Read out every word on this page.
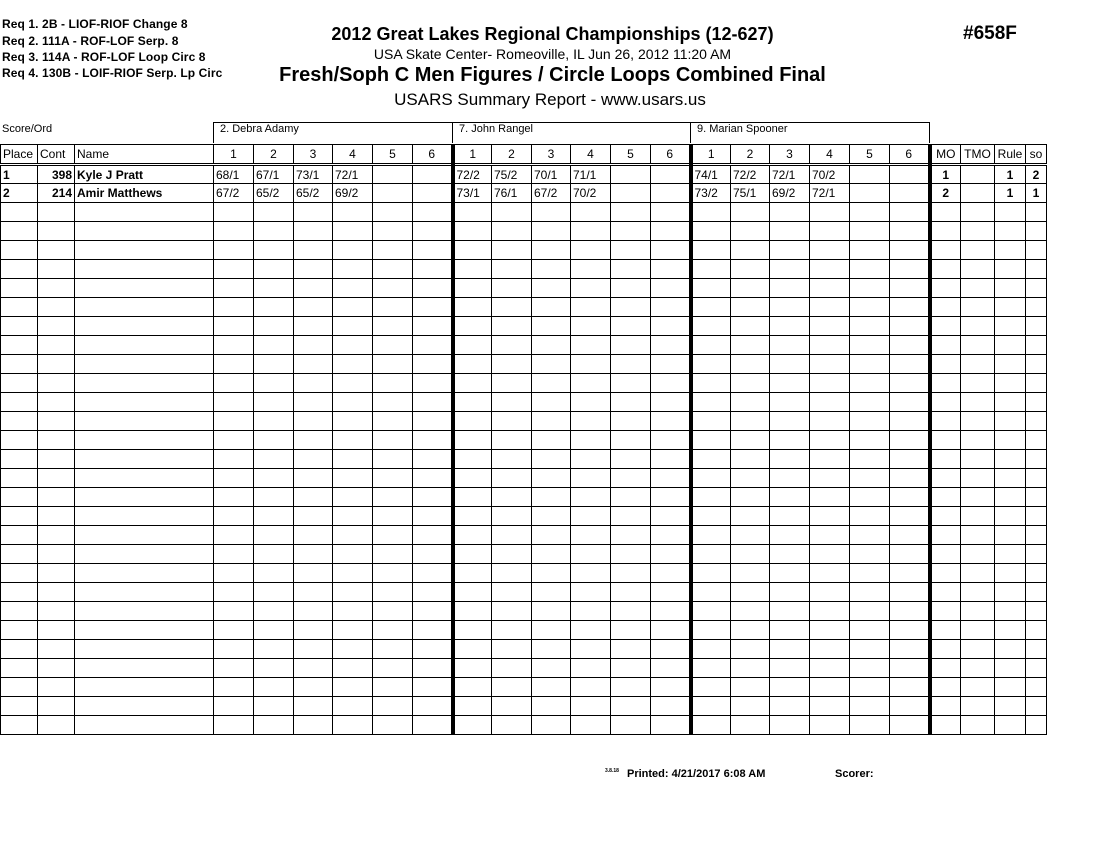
Req 1. 2B - LIOF-RIOF Change 8
Req 2. 111A - ROF-LOF Serp. 8
Req 3. 114A - ROF-LOF Loop Circ 8
Req 4. 130B - LOIF-RIOF Serp. Lp Circ
2012 Great Lakes Regional Championships (12-627)
USA Skate Center- Romeoville, IL Jun 26, 2012 11:20 AM
Fresh/Soph C Men Figures / Circle Loops Combined Final
USARS Summary Report - www.usars.us
#658F
Score/Ord	2. Debra Adamy	7. John Rangel	9. Marian Spooner
Place	Cont	Name	1	2	3	4	5	6	1	2	3	4	5	6	1	2	3	4	5	6	MO	TMO	Rule	so
1	398	Kyle J Pratt	68/1	67/1	73/1	72/1			72/2	75/2	70/1	71/1			74/1	72/2	72/1	70/2			1		1	2
2	214	Amir Matthews	67/2	65/2	65/2	69/2			73/1	76/1	67/2	70/2			73/2	75/1	69/2	72/1			2		1	1

3.8.18 Printed: 4/21/2017 6:08 AM	Scorer:
